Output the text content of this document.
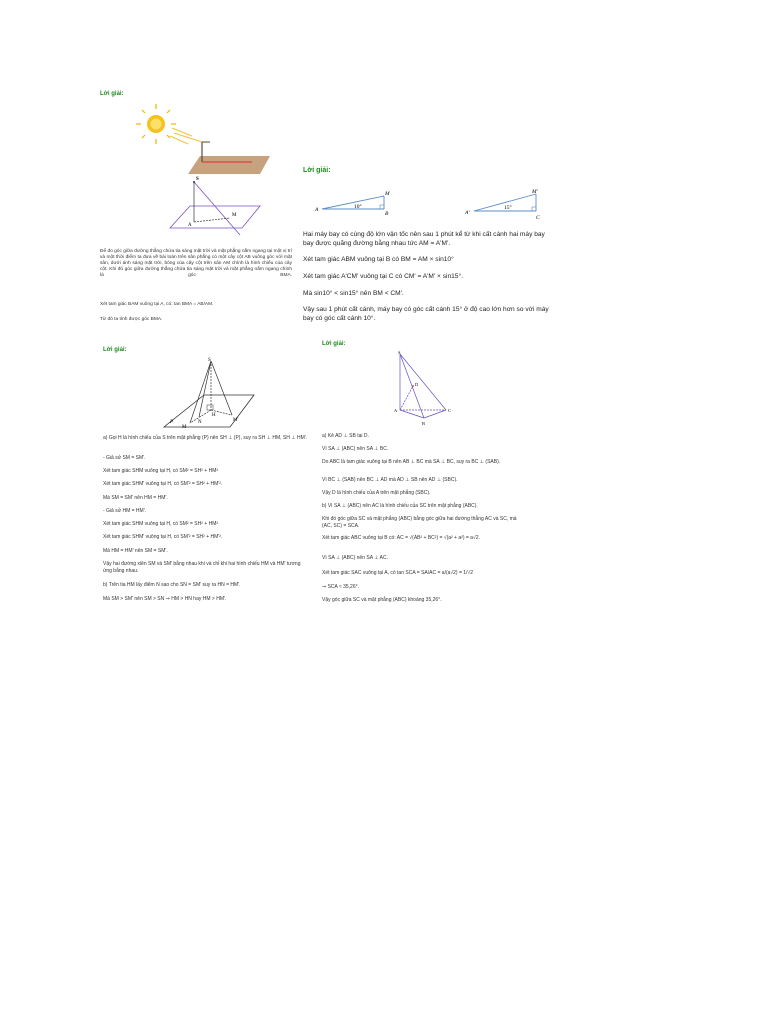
Lời giải:
S
A
M
Để đo góc giữa đường thẳng chứa tia sáng mặt trời và mặt phẳng nằm ngang tại một vị trí và một thời điểm ta đưa về bài toán trên sân phẳng có một cây cột AB vuông góc với mặt sân, dưới ánh sáng mặt trời, bóng của cây cột trên sân AM chính là hình chiếu của cây cột. Khi đó góc giữa đường thẳng chứa tia sáng mặt trời và mặt phẳng nằm ngang chính là góc BMA.
Xét tam giác BAM vuông tại A, có: tan BMA = AB/AM.
Từ đó ta tính được góc BMA.
Lời giải:
A
M
B
10°
A'
M'
C
15°
Hai máy bay có cùng độ lớn vận tốc nên sau 1 phút kể từ khi cất cánh hai máy bay bay được quãng đường bằng nhau tức AM = A'M'.
Xét tam giác ABM vuông tại B có BM = AM × sin10°
Xét tam giác A'CM' vuông tại C có CM' = A'M' × sin15°.
Mà sin10° < sin15° nên BM < CM'.
Vậy sau 1 phút cất cánh, máy bay có góc cất cánh 15° ở độ cao lớn hơn so với máy bay có góc cất cánh 10°.
Lời giải:
S
P
M
N
H
M'
a) Gọi H là hình chiếu của S trên mặt phẳng (P) nên SH ⊥ (P), suy ra SH ⊥ HM, SH ⊥ HM'.
- Giả sử SM = SM'.
Xét tam giác SHM vuông tại H, có SM² = SH² + HM²
Xét tam giác SHM' vuông tại H, có SM'² = SH² + HM'².
Mà SM = SM' nên HM = HM'.
- Giả sử HM = HM'.
Xét tam giác SHM vuông tại H, có SM² = SH² + HM²
Xét tam giác SHM' vuông tại H, có SM'² = SH² + HM'².
Mà HM = HM' nên SM = SM'.
Vậy hai đường xiên SM và SM' bằng nhau khi và chỉ khi hai hình chiếu HM và HM' tương ứng bằng nhau.
b) Trên tia HM lấy điểm N sao cho SN = SM' suy ra HN = HM'.
Mà SM > SM' nên SM > SN ⇒ HM > HN hay HM > HM'.
Lời giải:
S
D
A
B
C
a) Kẻ AD ⊥ SB tại D.
Vì SA ⊥ (ABC) nên SA ⊥ BC.
Do ABC là tam giác vuông tại B nên AB ⊥ BC mà SA ⊥ BC, suy ra BC ⊥ (SAB).
Vì BC ⊥ (SAB) nên BC ⊥ AD mà AD ⊥ SB nên AD ⊥ (SBC).
Vậy D là hình chiếu của A trên mặt phẳng (SBC).
b) Vì SA ⊥ (ABC) nên AC là hình chiếu của SC trên mặt phẳng (ABC).
Khi đó góc giữa SC và mặt phẳng (ABC) bằng góc giữa hai đường thẳng AC và SC, mà (AC, SC) = SCA.
Xét tam giác ABC vuông tại B có: AC = √(AB² + BC²) = √(a² + a²) = a√2.
Vì SA ⊥ (ABC) nên SA ⊥ AC.
Xét tam giác SAC vuông tại A, có tan SCA = SA/AC = a/(a√2) = 1/√2
⇒ SCA ≈ 35,26°.
Vậy góc giữa SC và mặt phẳng (ABC) khoảng 35,26°.
